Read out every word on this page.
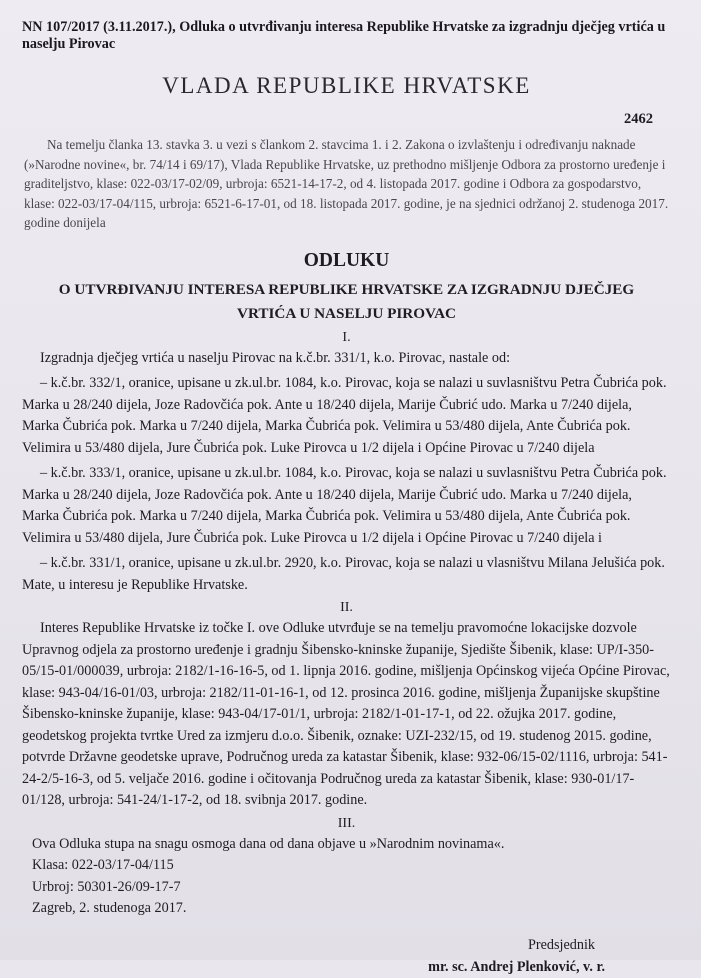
NN 107/2017 (3.11.2017.), Odluka o utvrđivanju interesa Republike Hrvatske za izgradnju dječjeg vrtića u naselju Pirovac
VLADA REPUBLIKE HRVATSKE
2462

Na temelju članka 13. stavka 3. u vezi s člankom 2. stavcima 1. i 2. Zakona o izvlaštenju i određivanju naknade (»Narodne novine«, br. 74/14 i 69/17), Vlada Republike Hrvatske, uz prethodno mišljenje Odbora za prostorno uređenje i graditeljstvo, klase: 022-03/17-02/09, urbroja: 6521-14-17-2, od 4. listopada 2017. godine i Odbora za gospodarstvo, klase: 022-03/17-04/115, urbroja: 6521-6-17-01, od 18. listopada 2017. godine, je na sjednici održanoj 2. studenoga 2017. godine donijela

ODLUKU
O UTVRĐIVANJU INTERESA REPUBLIKE HRVATSKE ZA IZGRADNJU DJEČJEG VRTIĆA U NASELJU PIROVAC
I.

Izgradnja dječjeg vrtića u naselju Pirovac na k.č.br. 331/1, k.o. Pirovac, nastale od:

– k.č.br. 332/1, oranice, upisane u zk.ul.br. 1084, k.o. Pirovac, koja se nalazi u suvlasništvu Petra Čubrića pok. Marka u 28/240 dijela, Joze Radovčića pok. Ante u 18/240 dijela, Marije Čubrić udo. Marka u 7/240 dijela, Marka Čubrića pok. Marka u 7/240 dijela, Marka Čubrića pok. Velimira u 53/480 dijela, Ante Čubrića pok. Velimira u 53/480 dijela, Jure Čubrića pok. Luke Pirovca u 1/2 dijela i Općine Pirovac u 7/240 dijela

– k.č.br. 333/1, oranice, upisane u zk.ul.br. 1084, k.o. Pirovac, koja se nalazi u suvlasništvu Petra Čubrića pok. Marka u 28/240 dijela, Joze Radovčića pok. Ante u 18/240 dijela, Marije Čubrić udo. Marka u 7/240 dijela, Marka Čubrića pok. Marka u 7/240 dijela, Marka Čubrića pok. Velimira u 53/480 dijela, Ante Čubrića pok. Velimira u 53/480 dijela, Jure Čubrića pok. Luke Pirovca u 1/2 dijela i Općine Pirovac u 7/240 dijela i

– k.č.br. 331/1, oranice, upisane u zk.ul.br. 2920, k.o. Pirovac, koja se nalazi u vlasništvu Milana Jelušića pok. Mate, u interesu je Republike Hrvatske.

II.

Interes Republike Hrvatske iz točke I. ove Odluke utvrđuje se na temelju pravomoćne lokacijske dozvole Upravnog odjela za prostorno uređenje i gradnju Šibensko-kninske županije, Sjedište Šibenik, klase: UP/I-350-05/15-01/000039, urbroja: 2182/1-16-16-5, od 1. lipnja 2016. godine, mišljenja Općinskog vijeća Općine Pirovac, klase: 943-04/16-01/03, urbroja: 2182/11-01-16-1, od 12. prosinca 2016. godine, mišljenja Županijske skupštine Šibensko-kninske županije, klase: 943-04/17-01/1, urbroja: 2182/1-01-17-1, od 22. ožujka 2017. godine, geodetskog projekta tvrtke Ured za izmjeru d.o.o. Šibenik, oznake: UZI-232/15, od 19. studenog 2015. godine, potvrde Državne geodetske uprave, Područnog ureda za katastar Šibenik, klase: 932-06/15-02/1116, urbroja: 541-24-2/5-16-3, od 5. veljače 2016. godine i očitovanja Područnog ureda za katastar Šibenik, klase: 930-01/17-01/128, urbroja: 541-24/1-17-2, od 18. svibnja 2017. godine.

III.
Ova Odluka stupa na snagu osmoga dana od dana objave u »Narodnim novinama«.
Klasa: 022-03/17-04/115
Urbroj: 50301-26/09-17-7
Zagreb, 2. studenoga 2017.
Predsjednik
mr. sc. Andrej Plenković, v. r.
